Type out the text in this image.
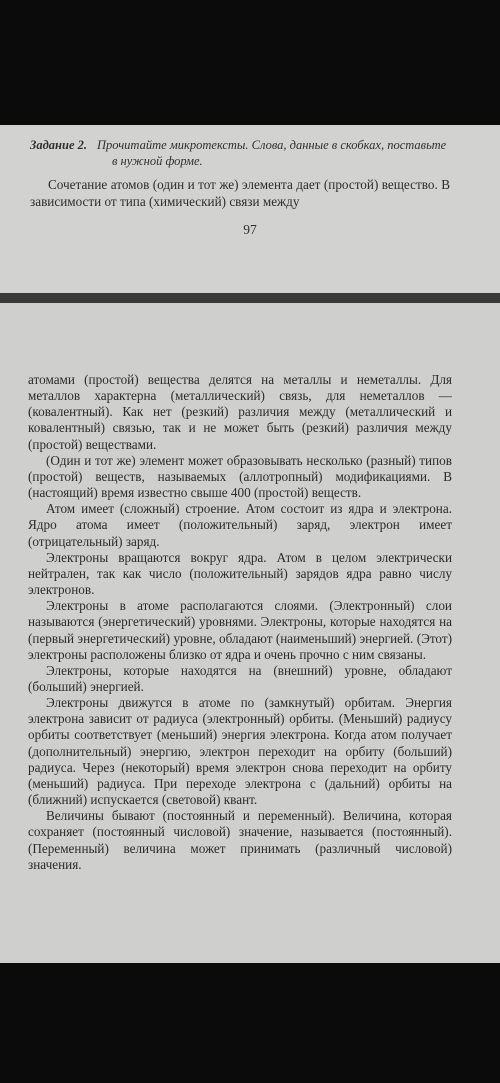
Задание 2. Прочитайте микротексты. Слова, данные в скобках, поставьте в нужной форме.

Сочетание атомов (один и тот же) элемента дает (простой) вещество. В зависимости от типа (химический) связи между

97

атомами (простой) вещества делятся на металлы и неметаллы. Для металлов характерна (металлический) связь, для неметаллов — (ковалентный). Как нет (резкий) различия между (металлический и ковалентный) связью, так и не может быть (резкий) различия между (простой) веществами.

(Один и тот же) элемент может образовывать несколько (разный) типов (простой) веществ, называемых (аллотропный) модификациями. В (настоящий) время известно свыше 400 (простой) веществ.

Атом имеет (сложный) строение. Атом состоит из ядра и электрона. Ядро атома имеет (положительный) заряд, электрон имеет (отрицательный) заряд.

Электроны вращаются вокруг ядра. Атом в целом электрически нейтрален, так как число (положительный) зарядов ядра равно числу электронов.

Электроны в атоме располагаются слоями. (Электронный) слои называются (энергетический) уровнями. Электроны, которые находятся на (первый энергетический) уровне, обладают (наименьший) энергией. (Этот) электроны расположены близко от ядра и очень прочно с ним связаны.

Электроны, которые находятся на (внешний) уровне, обладают (больший) энергией.

Электроны движутся в атоме по (замкнутый) орбитам. Энергия электрона зависит от радиуса (электронный) орбиты. (Меньший) радиусу орбиты соответствует (меньший) энергия электрона. Когда атом получает (дополнительный) энергию, электрон переходит на орбиту (больший) радиуса. Через (некоторый) время электрон снова переходит на орбиту (меньший) радиуса. При переходе электрона с (дальний) орбиты на (ближний) испускается (световой) квант.

Величины бывают (постоянный и переменный). Величина, которая сохраняет (постоянный числовой) значение, называется (постоянный). (Переменный) величина может принимать (различный числовой) значения.
